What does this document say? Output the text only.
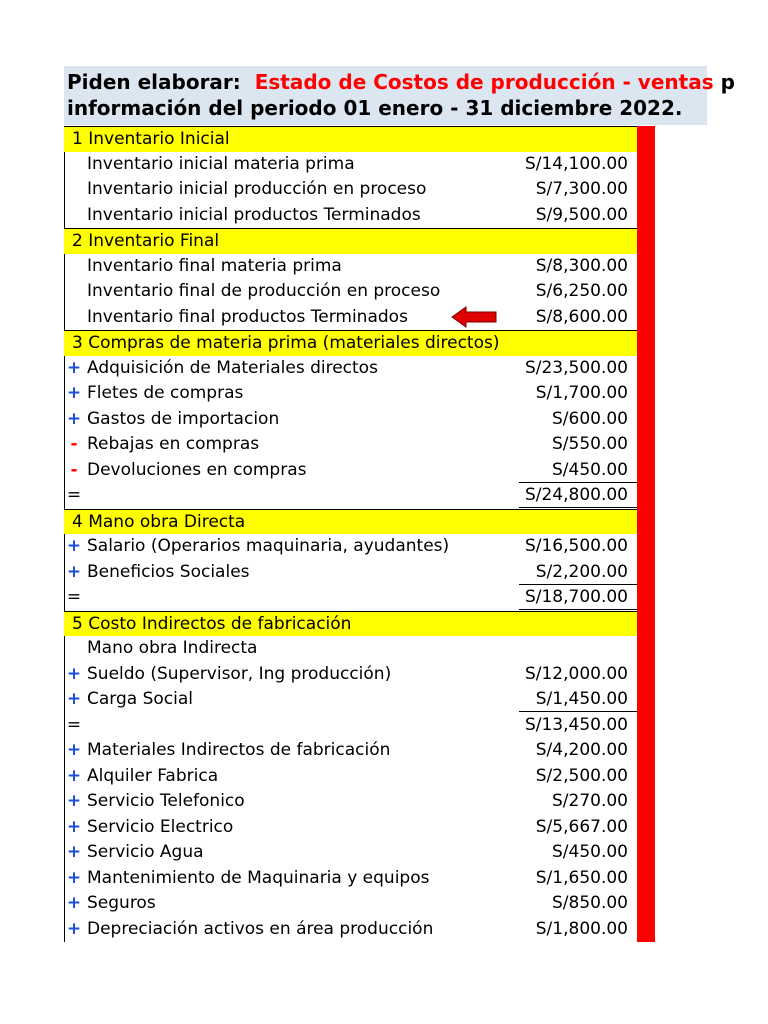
Piden elaborar: Estado de Costos de producción - ventas p
información del periodo 01 enero - 31 diciembre 2022.
1 Inventario Inicial
Inventario inicial materia prima	S/14,100.00
Inventario inicial producción en proceso	S/7,300.00
Inventario inicial productos Terminados	S/9,500.00
2 Inventario Final
Inventario final materia prima	S/8,300.00
Inventario final de producción en proceso	S/6,250.00
Inventario final productos Terminados	S/8,600.00
3 Compras de materia prima (materiales directos)
+ Adquisición de Materiales directos	S/23,500.00
+ Fletes de compras	S/1,700.00
+ Gastos de importacion	S/600.00
- Rebajas en compras	S/550.00
- Devoluciones en compras	S/450.00
=	S/24,800.00
4 Mano obra Directa
+ Salario (Operarios maquinaria, ayudantes)	S/16,500.00
+ Beneficios Sociales	S/2,200.00
=	S/18,700.00
5 Costo Indirectos de fabricación
Mano obra Indirecta
+ Sueldo (Supervisor, Ing producción)	S/12,000.00
+ Carga Social	S/1,450.00
=	S/13,450.00
+ Materiales Indirectos de fabricación	S/4,200.00
+ Alquiler Fabrica	S/2,500.00
+ Servicio Telefonico	S/270.00
+ Servicio Electrico	S/5,667.00
+ Servicio Agua	S/450.00
+ Mantenimiento de Maquinaria y equipos	S/1,650.00
+ Seguros	S/850.00
+ Depreciación activos en área producción	S/1,800.00
